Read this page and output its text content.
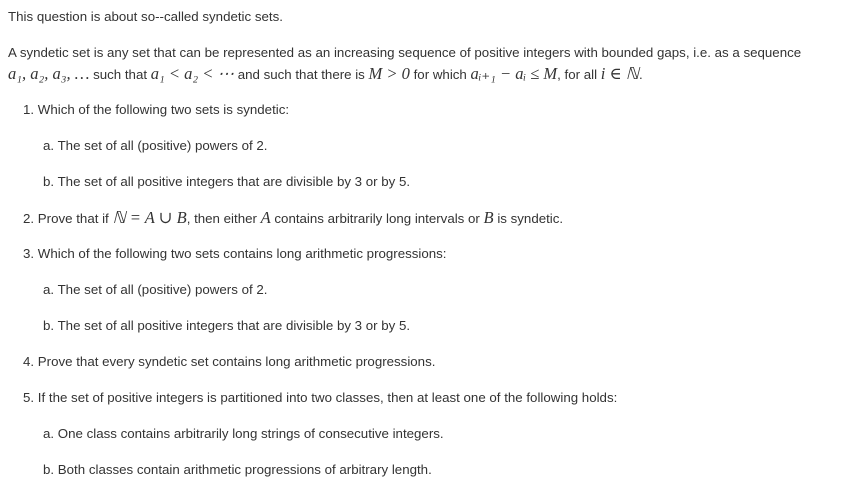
This question is about so--called syndetic sets.
A syndetic set is any set that can be represented as an increasing sequence of positive integers with bounded gaps, i.e. as a sequence
a₁, a₂, a₃, … such that a₁ < a₂ < ⋯ and such that there is M > 0 for which aᵢ₊₁ − aᵢ ≤ M, for all i ∈ ℕ.
1. Which of the following two sets is syndetic:
a. The set of all (positive) powers of 2.
b. The set of all positive integers that are divisible by 3 or by 5.
2. Prove that if ℕ = A ∪ B, then either A contains arbitrarily long intervals or B is syndetic.
3. Which of the following two sets contains long arithmetic progressions:
a. The set of all (positive) powers of 2.
b. The set of all positive integers that are divisible by 3 or by 5.
4. Prove that every syndetic set contains long arithmetic progressions.
5. If the set of positive integers is partitioned into two classes, then at least one of the following holds:
a. One class contains arbitrarily long strings of consecutive integers.
b. Both classes contain arithmetic progressions of arbitrary length.
